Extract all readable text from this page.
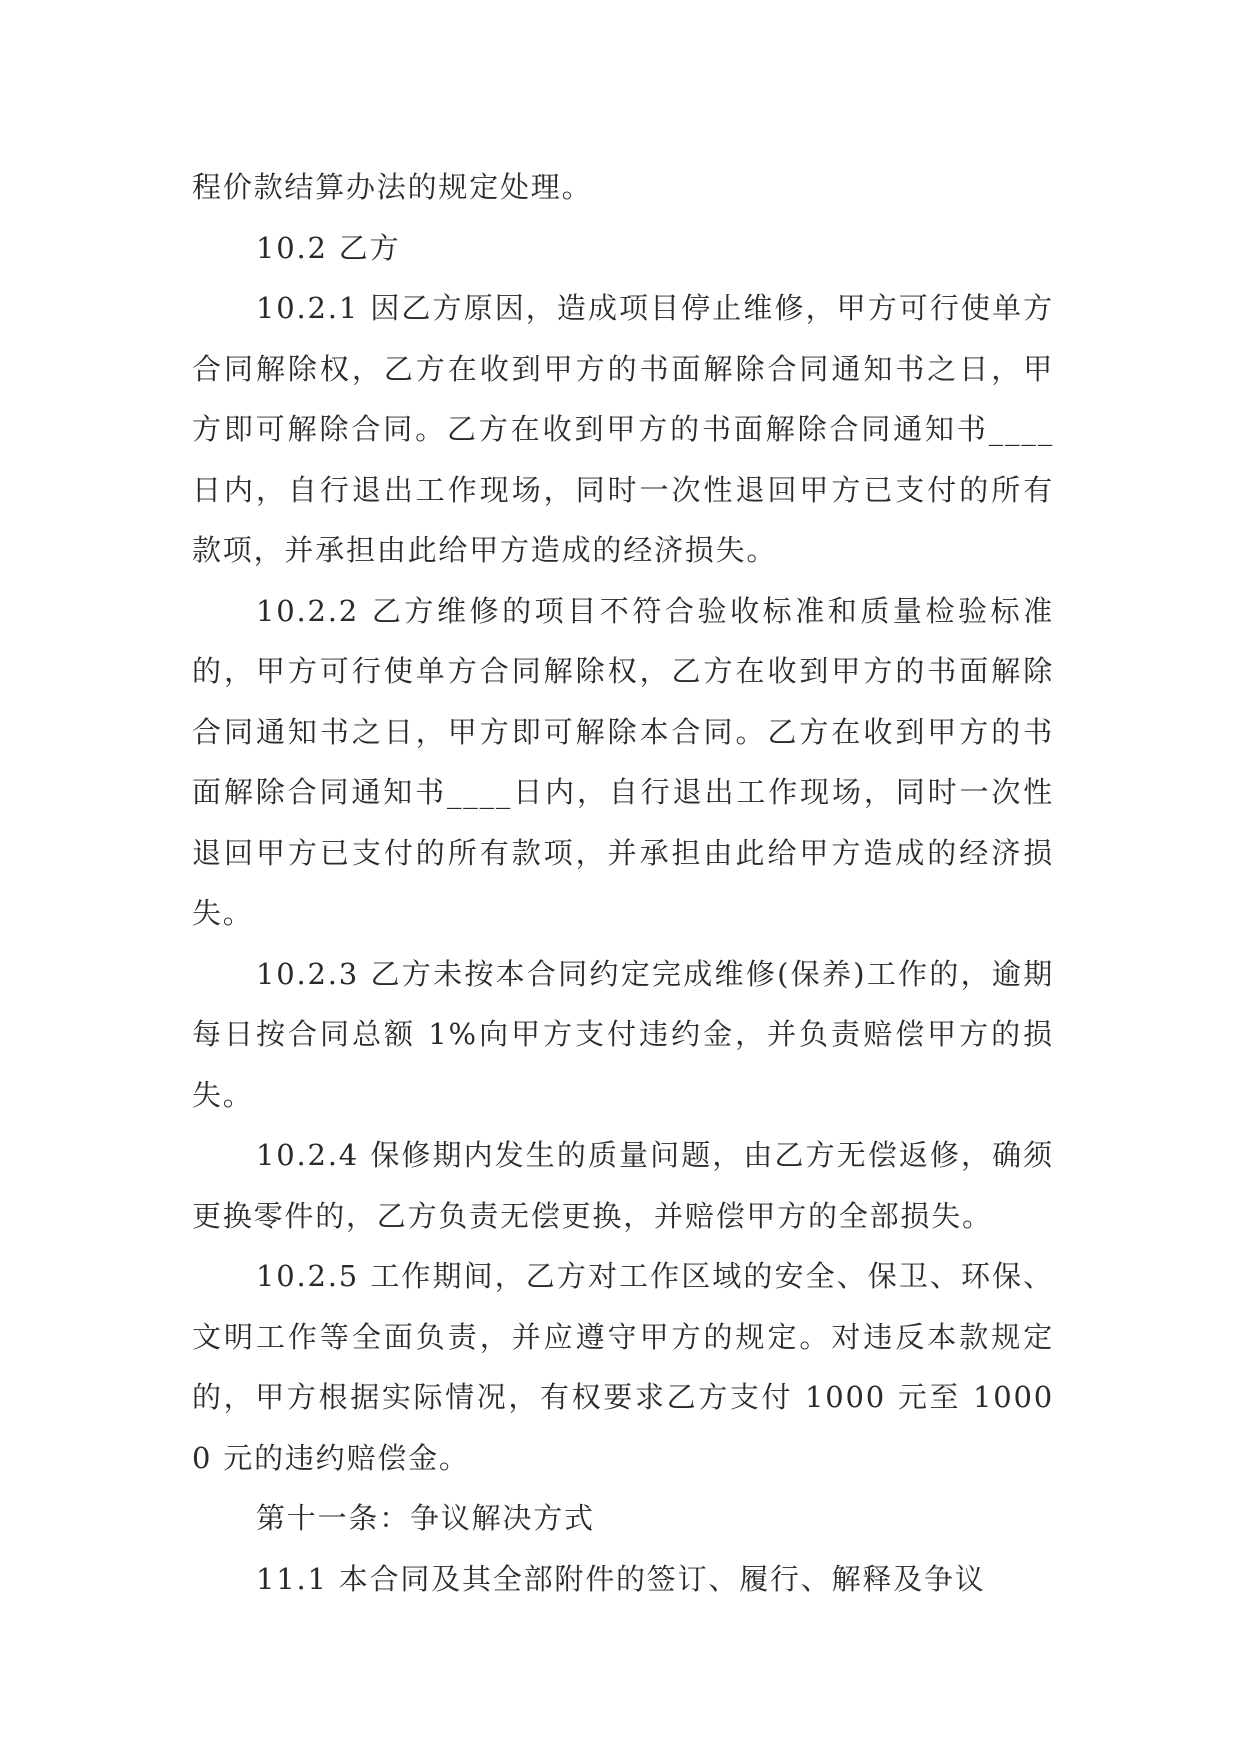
程价款结算办法的规定处理。

10.2 乙方

10.2.1 因乙方原因，造成项目停止维修，甲方可行使单方合同解除权，乙方在收到甲方的书面解除合同通知书之日，甲方即可解除合同。乙方在收到甲方的书面解除合同通知书____日内，自行退出工作现场，同时一次性退回甲方已支付的所有款项，并承担由此给甲方造成的经济损失。

10.2.2 乙方维修的项目不符合验收标准和质量检验标准的，甲方可行使单方合同解除权，乙方在收到甲方的书面解除合同通知书之日，甲方即可解除本合同。乙方在收到甲方的书面解除合同通知书____日内，自行退出工作现场，同时一次性退回甲方已支付的所有款项，并承担由此给甲方造成的经济损失。

10.2.3 乙方未按本合同约定完成维修(保养)工作的，逾期每日按合同总额 1%向甲方支付违约金，并负责赔偿甲方的损失。

10.2.4 保修期内发生的质量问题，由乙方无偿返修，确须更换零件的，乙方负责无偿更换，并赔偿甲方的全部损失。

10.2.5 工作期间，乙方对工作区域的安全、保卫、环保、文明工作等全面负责，并应遵守甲方的规定。对违反本款规定的，甲方根据实际情况，有权要求乙方支付 1000 元至 10000 元的违约赔偿金。

第十一条：争议解决方式

11.1 本合同及其全部附件的签订、履行、解释及争议
